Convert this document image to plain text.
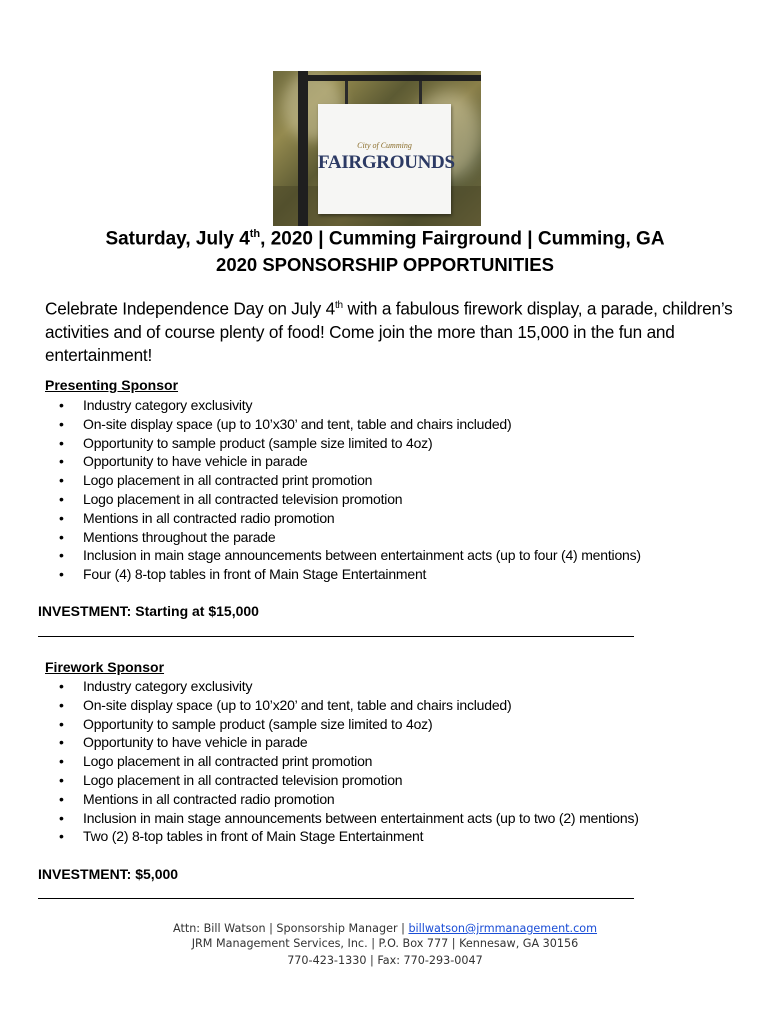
City of Cumming
FAIRGROUNDS
Saturday, July 4th, 2020 | Cumming Fairground | Cumming, GA
2020 SPONSORSHIP OPPORTUNITIES
Celebrate Independence Day on July 4th with a fabulous firework display, a parade, children’s activities and of course plenty of food! Come join the more than 15,000 in the fun and entertainment!
Presenting Sponsor
• Industry category exclusivity
• On-site display space (up to 10’x30’ and tent, table and chairs included)
• Opportunity to sample product (sample size limited to 4oz)
• Opportunity to have vehicle in parade
• Logo placement in all contracted print promotion
• Logo placement in all contracted television promotion
• Mentions in all contracted radio promotion
• Mentions throughout the parade
• Inclusion in main stage announcements between entertainment acts (up to four (4) mentions)
• Four (4) 8-top tables in front of Main Stage Entertainment
INVESTMENT: Starting at $15,000
Firework Sponsor
• Industry category exclusivity
• On-site display space (up to 10’x20’ and tent, table and chairs included)
• Opportunity to sample product (sample size limited to 4oz)
• Opportunity to have vehicle in parade
• Logo placement in all contracted print promotion
• Logo placement in all contracted television promotion
• Mentions in all contracted radio promotion
• Inclusion in main stage announcements between entertainment acts (up to two (2) mentions)
• Two (2) 8-top tables in front of Main Stage Entertainment
INVESTMENT: $5,000
Attn: Bill Watson | Sponsorship Manager | billwatson@jrmmanagement.com
JRM Management Services, Inc. | P.O. Box 777 | Kennesaw, GA 30156
770-423-1330 | Fax: 770-293-0047
